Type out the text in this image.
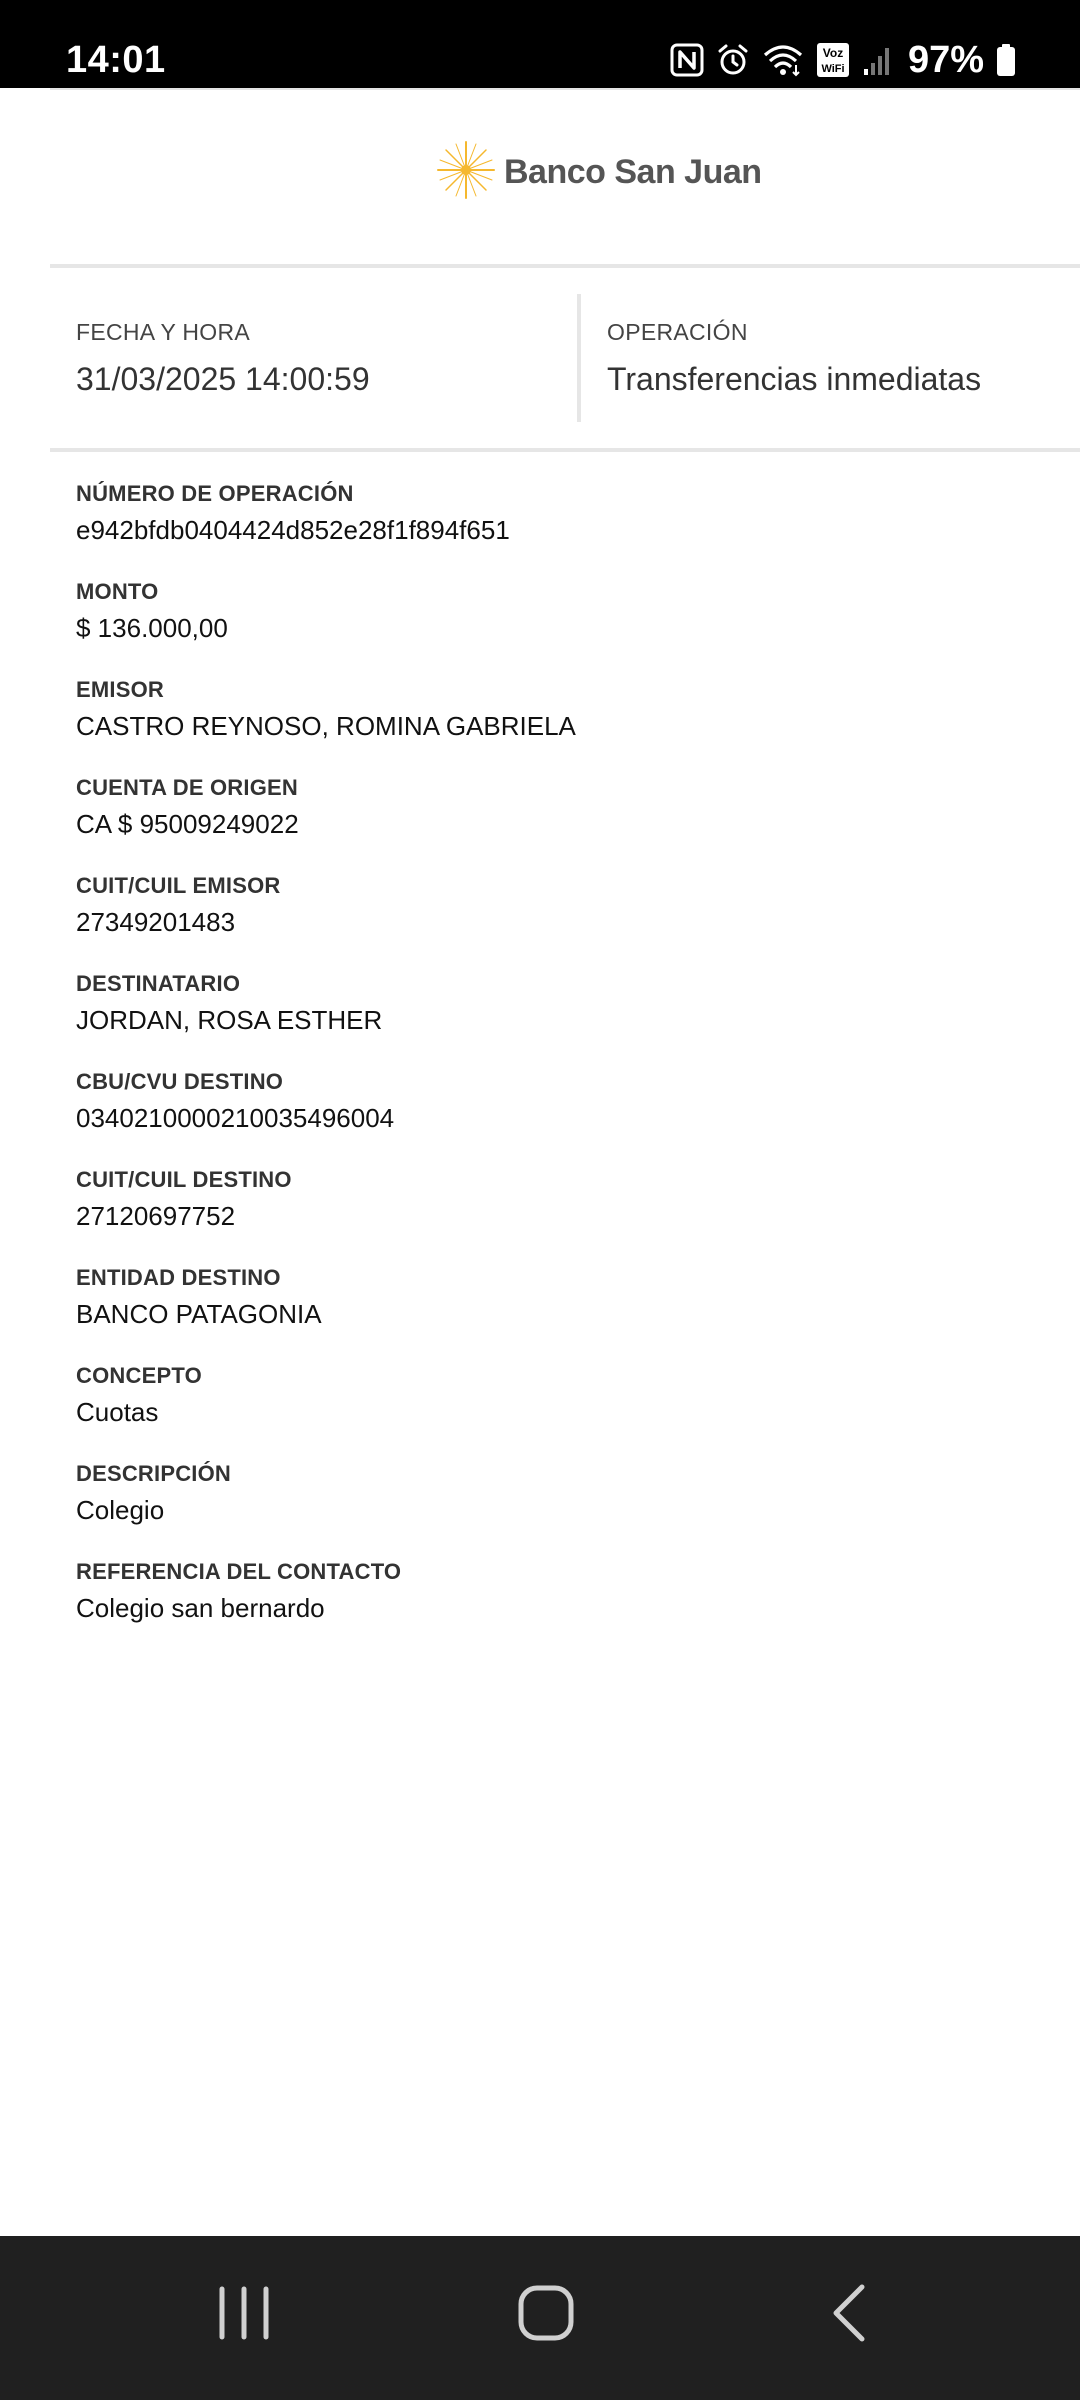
14:01	Voz
WiFi 97%
Banco San Juan
FECHA Y HORA
31/03/2025 14:00:59
OPERACIÓN
Transferencias inmediatas
NÚMERO DE OPERACIÓN
e942bfdb0404424d852e28f1f894f651
MONTO
$ 136.000,00
EMISOR
CASTRO REYNOSO, ROMINA GABRIELA
CUENTA DE ORIGEN
CA $ 95009249022
CUIT/CUIL EMISOR
27349201483
DESTINATARIO
JORDAN, ROSA ESTHER
CBU/CVU DESTINO
0340210000210035496004
CUIT/CUIL DESTINO
27120697752
ENTIDAD DESTINO
BANCO PATAGONIA
CONCEPTO
Cuotas
DESCRIPCIÓN
Colegio
REFERENCIA DEL CONTACTO
Colegio san bernardo
